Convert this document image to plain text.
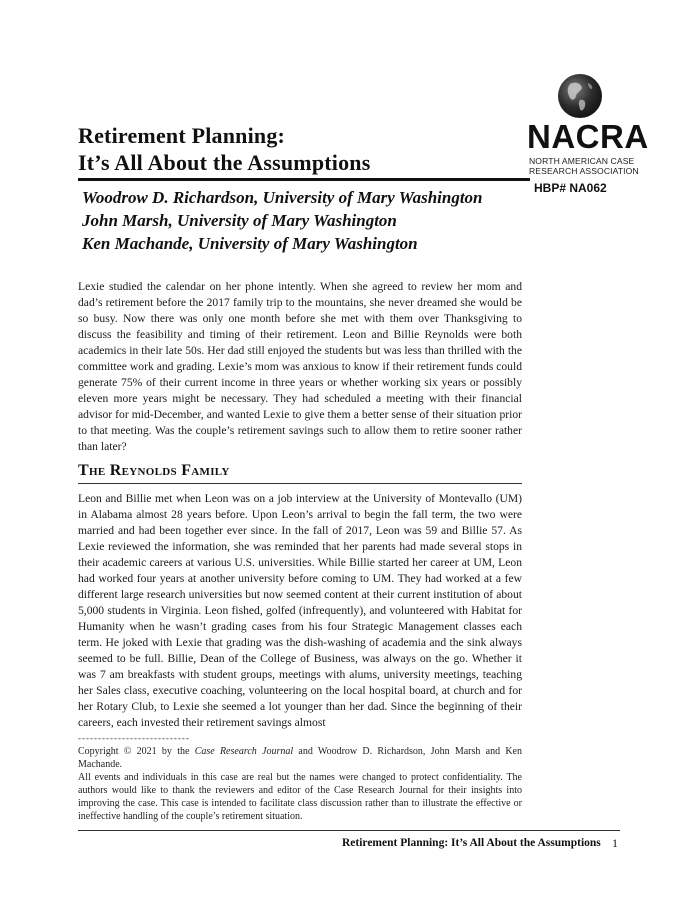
Retirement Planning:
It’s All About the Assumptions
NACRA
NORTH AMERICAN CASE
RESEARCH ASSOCIATION
HBP# NA062
Woodrow D. Richardson, University of Mary Washington
John Marsh, University of Mary Washington
Ken Machande, University of Mary Washington
Lexie studied the calendar on her phone intently. When she agreed to review her mom and dad’s retirement before the 2017 family trip to the mountains, she never dreamed she would be so busy. Now there was only one month before she met with them over Thanksgiving to discuss the feasibility and timing of their retirement. Leon and Billie Reynolds were both academics in their late 50s. Her dad still enjoyed the students but was less than thrilled with the committee work and grading. Lexie’s mom was anxious to know if their retirement funds could generate 75% of their current income in three years or whether working six years or possibly eleven more years might be necessary. They had scheduled a meeting with their financial advisor for mid-December, and wanted Lexie to give them a better sense of their situation prior to that meeting. Was the couple’s retirement savings such to allow them to retire sooner rather than later?
The Reynolds Family
Leon and Billie met when Leon was on a job interview at the University of Montevallo (UM) in Alabama almost 28 years before. Upon Leon’s arrival to begin the fall term, the two were married and had been together ever since. In the fall of 2017, Leon was 59 and Billie 57. As Lexie reviewed the information, she was reminded that her parents had made several stops in their academic careers at various U.S. universities. While Billie started her career at UM, Leon had worked four years at another university before coming to UM. They had worked at a few different large research universities but now seemed content at their current institution of about 5,000 students in Virginia. Leon fished, golfed (infrequently), and volunteered with Habitat for Humanity when he wasn’t grading cases from his four Strategic Management classes each term. He joked with Lexie that grading was the dish-washing of academia and the sink always seemed to be full. Billie, Dean of the College of Business, was always on the go. Whether it was 7 am breakfasts with student groups, meetings with alums, university meetings, teaching her Sales class, executive coaching, volunteering on the local hospital board, at church and for her Rotary Club, to Lexie she seemed a lot younger than her dad. Since the beginning of their careers, each invested their retirement savings almost
----------------------------
Copyright © 2021 by the Case Research Journal and Woodrow D. Richardson, John Marsh and Ken Machande.
All events and individuals in this case are real but the names were changed to protect confidentiality. The authors would like to thank the reviewers and editor of the Case Research Journal for their insights into improving the case. This case is intended to facilitate class discussion rather than to illustrate the effective or ineffective handling of the couple’s retirement situation.
Retirement Planning: It’s All About the Assumptions 1
